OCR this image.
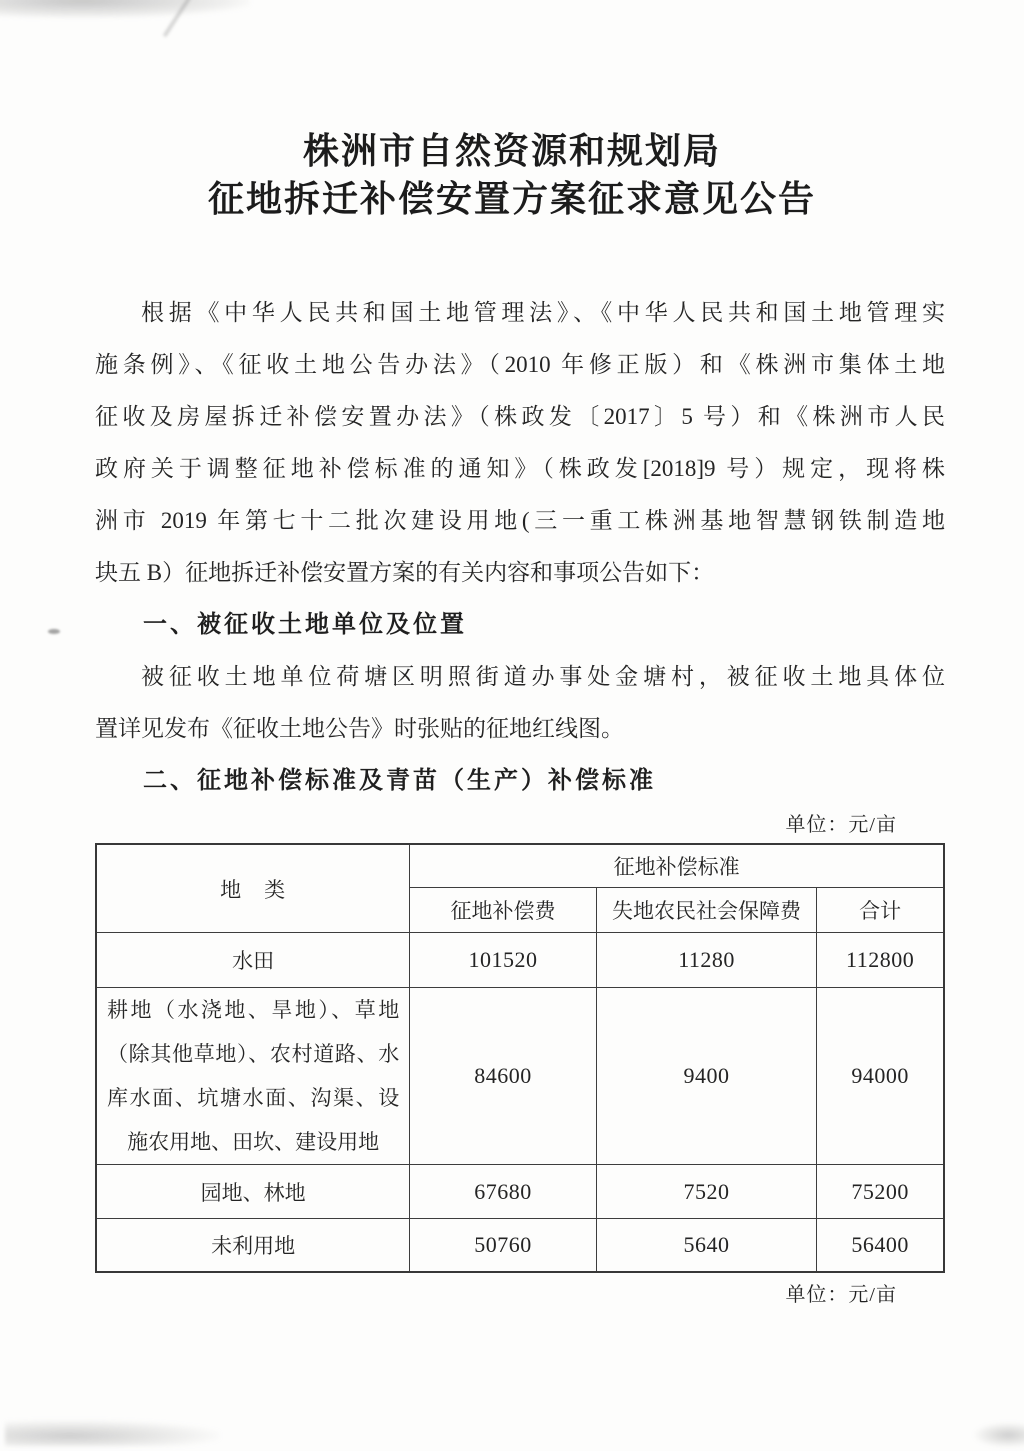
株洲市自然资源和规划局
征地拆迁补偿安置方案征求意见公告
根据《中华人民共和国土地管理法》、《中华人民共和国土地管理实
施条例》、《征收土地公告办法》（2010 年修正版）和《株洲市集体土地
征收及房屋拆迁补偿安置办法》（株政发〔2017〕5 号）和《株洲市人民
政府关于调整征地补偿标准的通知》（株政发[2018]9 号）规定，现将株
洲市 2019 年第七十二批次建设用地(三一重工株洲基地智慧钢铁制造地
块五 B）征地拆迁补偿安置方案的有关内容和事项公告如下：
一、被征收土地单位及位置
被征收土地单位荷塘区明照街道办事处金塘村，被征收土地具体位
置详见发布《征收土地公告》时张贴的征地红线图。
二、征地补偿标准及青苗（生产）补偿标准
单位：元/亩
地　类	征地补偿标准		
	征地补偿费	失地农民社会保障费	合计
水田	101520	11280	112800
耕地（水浇地、旱地）、草地（除其他草地）、农村道路、水库水面、坑塘水面、沟渠、设施农用地、田坎、建设用地	84600	9400	94000
园地、林地	67680	7520	75200
未利用地	50760	5640	56400
单位：元/亩
